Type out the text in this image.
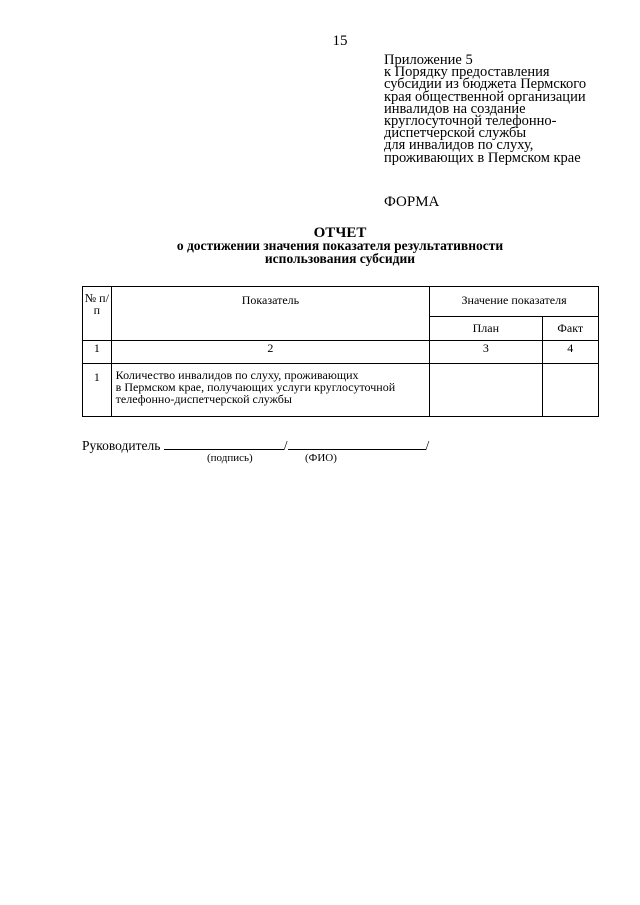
15
Приложение 5
к Порядку предоставления
субсидии из бюджета Пермского
края общественной организации
инвалидов на создание
круглосуточной телефонно-
диспетчерской службы
для инвалидов по слуху,
проживающих в Пермском крае
ФОРМА
ОТЧЕТ
о достижении значения показателя результативности
использования субсидии
№ п/п	Показатель	Значение показателя	
		План	Факт
1	2	3	4
1	Количество инвалидов по слуху, проживающих
в Пермском крае, получающих услуги круглосуточной
телефонно-диспетчерской службы		

Руководитель	/	/
(подпись)	(ФИО)
